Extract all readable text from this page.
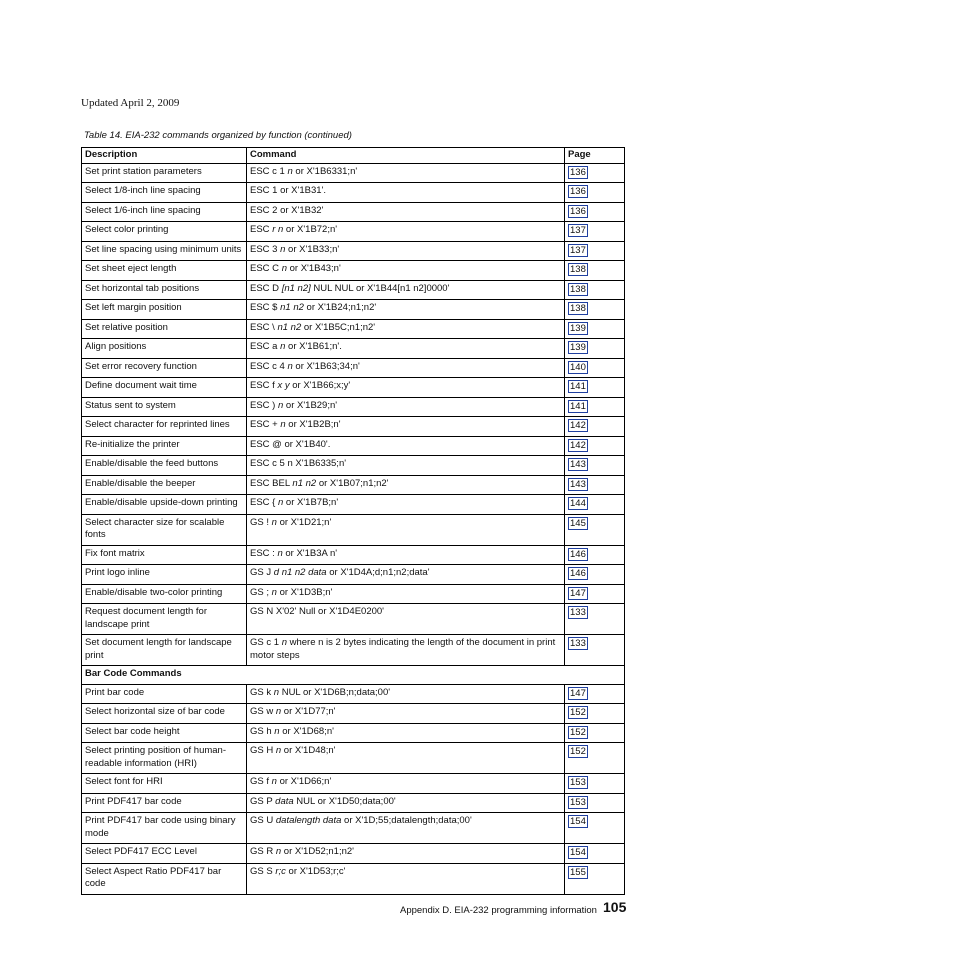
Updated April 2, 2009
Table 14. EIA-232 commands organized by function (continued)
Description	Command	Page
Set print station parameters	ESC c 1 n or X'1B6331;n'	136
Select 1/8-inch line spacing	ESC 1 or X'1B31'.	136
Select 1/6-inch line spacing	ESC 2 or X'1B32'	136
Select color printing	ESC r n or X'1B72;n'	137
Set line spacing using minimum units	ESC 3 n or X'1B33;n'	137
Set sheet eject length	ESC C n or X'1B43;n'	138
Set horizontal tab positions	ESC D [n1 n2] NUL NUL or X'1B44[n1 n2]0000'	138
Set left margin position	ESC $ n1 n2 or X'1B24;n1;n2'	138
Set relative position	ESC \ n1 n2 or X'1B5C;n1;n2'	139
Align positions	ESC a n or X'1B61;n'.	139
Set error recovery function	ESC c 4 n or X'1B63;34;n'	140
Define document wait time	ESC f x y or X'1B66;x;y'	141
Status sent to system	ESC ) n or X'1B29;n'	141
Select character for reprinted lines	ESC + n or X'1B2B;n'	142
Re-initialize the printer	ESC @ or X'1B40'.	142
Enable/disable the feed buttons	ESC c 5 n X'1B6335;n'	143
Enable/disable the beeper	ESC BEL n1 n2 or X'1B07;n1;n2'	143
Enable/disable upside-down printing	ESC { n or X'1B7B;n'	144
Select character size for scalable fonts	GS ! n or X'1D21;n'	145
Fix font matrix	ESC : n or X'1B3A n'	146
Print logo inline	GS J d n1 n2 data or X'1D4A;d;n1;n2;data'	146
Enable/disable two-color printing	GS ; n or X'1D3B;n'	147
Request document length for landscape print	GS N X'02' Null or X'1D4E0200'	133
Set document length for landscape print	GS c 1 n where n is 2 bytes indicating the length of the document in print motor steps	133
Bar Code Commands		
Print bar code	GS k n NUL or X'1D6B;n;data;00'	147
Select horizontal size of bar code	GS w n or X'1D77;n'	152
Select bar code height	GS h n or X'1D68;n'	152
Select printing position of human-readable information (HRI)	GS H n or X'1D48;n'	152
Select font for HRI	GS f n or X'1D66;n'	153
Print PDF417 bar code	GS P data NUL or X'1D50;data;00'	153
Print PDF417 bar code using binary mode	GS U datalength data or X'1D;55;datalength;data;00'	154
Select PDF417 ECC Level	GS R n or X'1D52;n1;n2'	154
Select Aspect Ratio PDF417 bar code	GS S r;c or X'1D53;r;c'	155
Appendix D. EIA-232 programming information 105
